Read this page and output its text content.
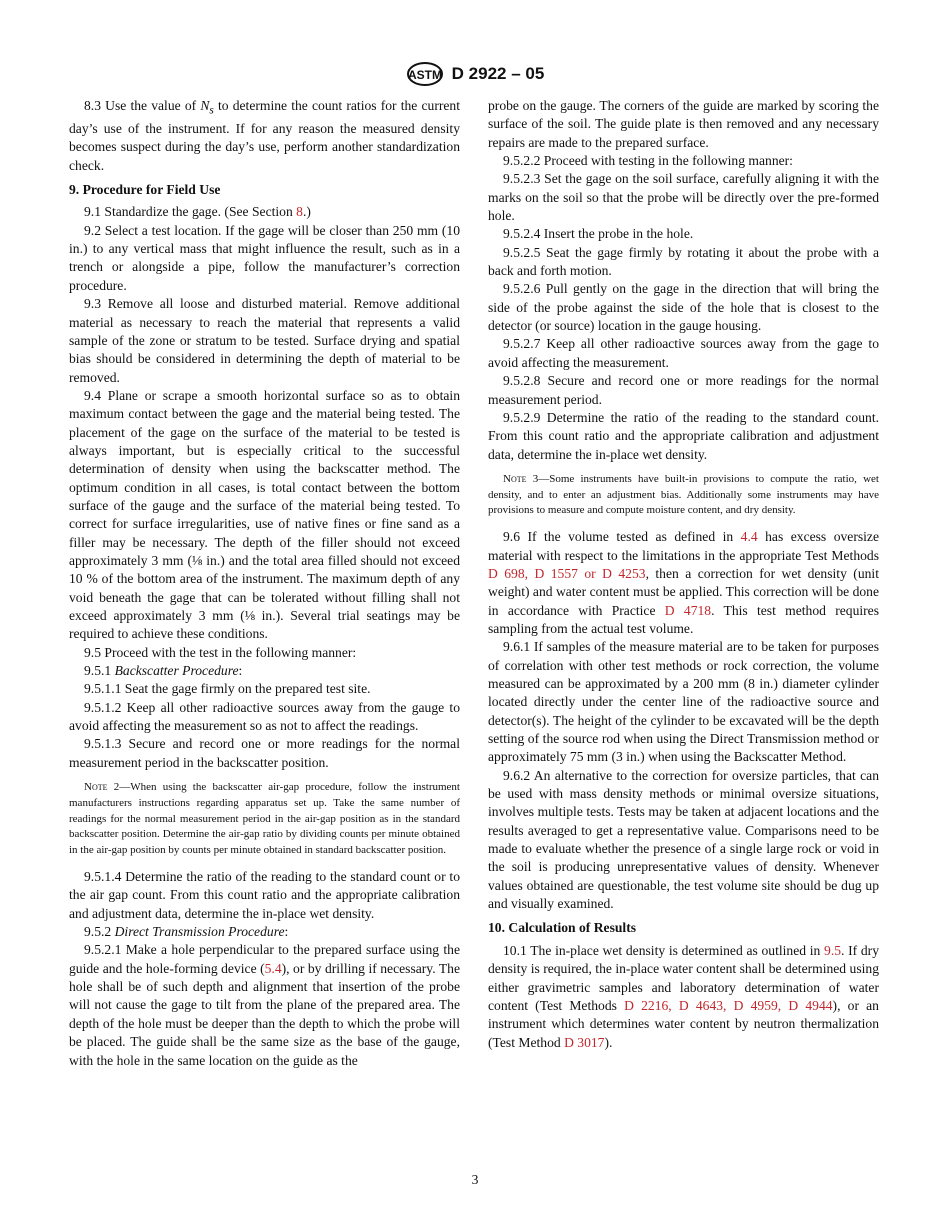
ASTM D 2922 – 05

8.3 Use the value of $N_s$ to determine the count ratios for the current day’s use of the instrument. If for any reason the measured density becomes suspect during the day’s use, perform another standardization check.

9. Procedure for Field Use

9.1 Standardize the gage. (See Section 8.)

9.2 Select a test location. If the gage will be closer than 250 mm (10 in.) to any vertical mass that might influence the result, such as in a trench or alongside a pipe, follow the manufacturer’s correction procedure.

9.3 Remove all loose and disturbed material. Remove additional material as necessary to reach the material that represents a valid sample of the zone or stratum to be tested. Surface drying and spatial bias should be considered in determining the depth of material to be removed.

9.4 Plane or scrape a smooth horizontal surface so as to obtain maximum contact between the gage and the material being tested. The placement of the gage on the surface of the material to be tested is always important, but is especially critical to the successful determination of density when using the backscatter method. The optimum condition in all cases, is total contact between the bottom surface of the gauge and the surface of the material being tested. To correct for surface irregularities, use of native fines or fine sand as a filler may be necessary. The depth of the filler should not exceed approximately 3 mm (⅛ in.) and the total area filled should not exceed 10 % of the bottom area of the instrument. The maximum depth of any void beneath the gage that can be tolerated without filling shall not exceed approximately 3 mm (⅛ in.). Several trial seatings may be required to achieve these conditions.

9.5 Proceed with the test in the following manner:

9.5.1 Backscatter Procedure:

9.5.1.1 Seat the gage firmly on the prepared test site.

9.5.1.2 Keep all other radioactive sources away from the gauge to avoid affecting the measurement so as not to affect the readings.

9.5.1.3 Secure and record one or more readings for the normal measurement period in the backscatter position.

Note 2—When using the backscatter air-gap procedure, follow the instrument manufacturers instructions regarding apparatus set up. Take the same number of readings for the normal measurement period in the air-gap position as in the standard backscatter position. Determine the air-gap ratio by dividing counts per minute obtained in the air-gap position by counts per minute obtained in standard backscatter position.

9.5.1.4 Determine the ratio of the reading to the standard count or to the air gap count. From this count ratio and the appropriate calibration and adjustment data, determine the in-place wet density.

9.5.2 Direct Transmission Procedure:

9.5.2.1 Make a hole perpendicular to the prepared surface using the guide and the hole-forming device (5.4), or by drilling if necessary. The hole shall be of such depth and alignment that insertion of the probe will not cause the gage to tilt from the plane of the prepared area. The depth of the hole must be deeper than the depth to which the probe will be placed. The guide shall be the same size as the base of the gauge, with the hole in the same location on the guide as the

probe on the gauge. The corners of the guide are marked by scoring the surface of the soil. The guide plate is then removed and any necessary repairs are made to the prepared surface.

9.5.2.2 Proceed with testing in the following manner:

9.5.2.3 Set the gage on the soil surface, carefully aligning it with the marks on the soil so that the probe will be directly over the pre-formed hole.

9.5.2.4 Insert the probe in the hole.

9.5.2.5 Seat the gage firmly by rotating it about the probe with a back and forth motion.

9.5.2.6 Pull gently on the gage in the direction that will bring the side of the probe against the side of the hole that is closest to the detector (or source) location in the gauge housing.

9.5.2.7 Keep all other radioactive sources away from the gage to avoid affecting the measurement.

9.5.2.8 Secure and record one or more readings for the normal measurement period.

9.5.2.9 Determine the ratio of the reading to the standard count. From this count ratio and the appropriate calibration and adjustment data, determine the in-place wet density.

Note 3—Some instruments have built-in provisions to compute the ratio, wet density, and to enter an adjustment bias. Additionally some instruments may have provisions to measure and compute moisture content, and dry density.

9.6 If the volume tested as defined in 4.4 has excess oversize material with respect to the limitations in the appropriate Test Methods D 698, D 1557 or D 4253, then a correction for wet density (unit weight) and water content must be applied. This correction will be done in accordance with Practice D 4718. This test method requires sampling from the actual test volume.

9.6.1 If samples of the measure material are to be taken for purposes of correlation with other test methods or rock correction, the volume measured can be approximated by a 200 mm (8 in.) diameter cylinder located directly under the center line of the radioactive source and detector(s). The height of the cylinder to be excavated will be the depth setting of the source rod when using the Direct Transmission method or approximately 75 mm (3 in.) when using the Backscatter Method.

9.6.2 An alternative to the correction for oversize particles, that can be used with mass density methods or minimal oversize situations, involves multiple tests. Tests may be taken at adjacent locations and the results averaged to get a representative value. Comparisons need to be made to evaluate whether the presence of a single large rock or void in the soil is producing unrepresentative values of density. Whenever values obtained are questionable, the test volume site should be dug up and visually examined.

10. Calculation of Results

10.1 The in-place wet density is determined as outlined in 9.5. If dry density is required, the in-place water content shall be determined using either gravimetric samples and laboratory determination of water content (Test Methods D 2216, D 4643, D 4959, D 4944), or an instrument which determines water content by neutron thermalization (Test Method D 3017).

3
